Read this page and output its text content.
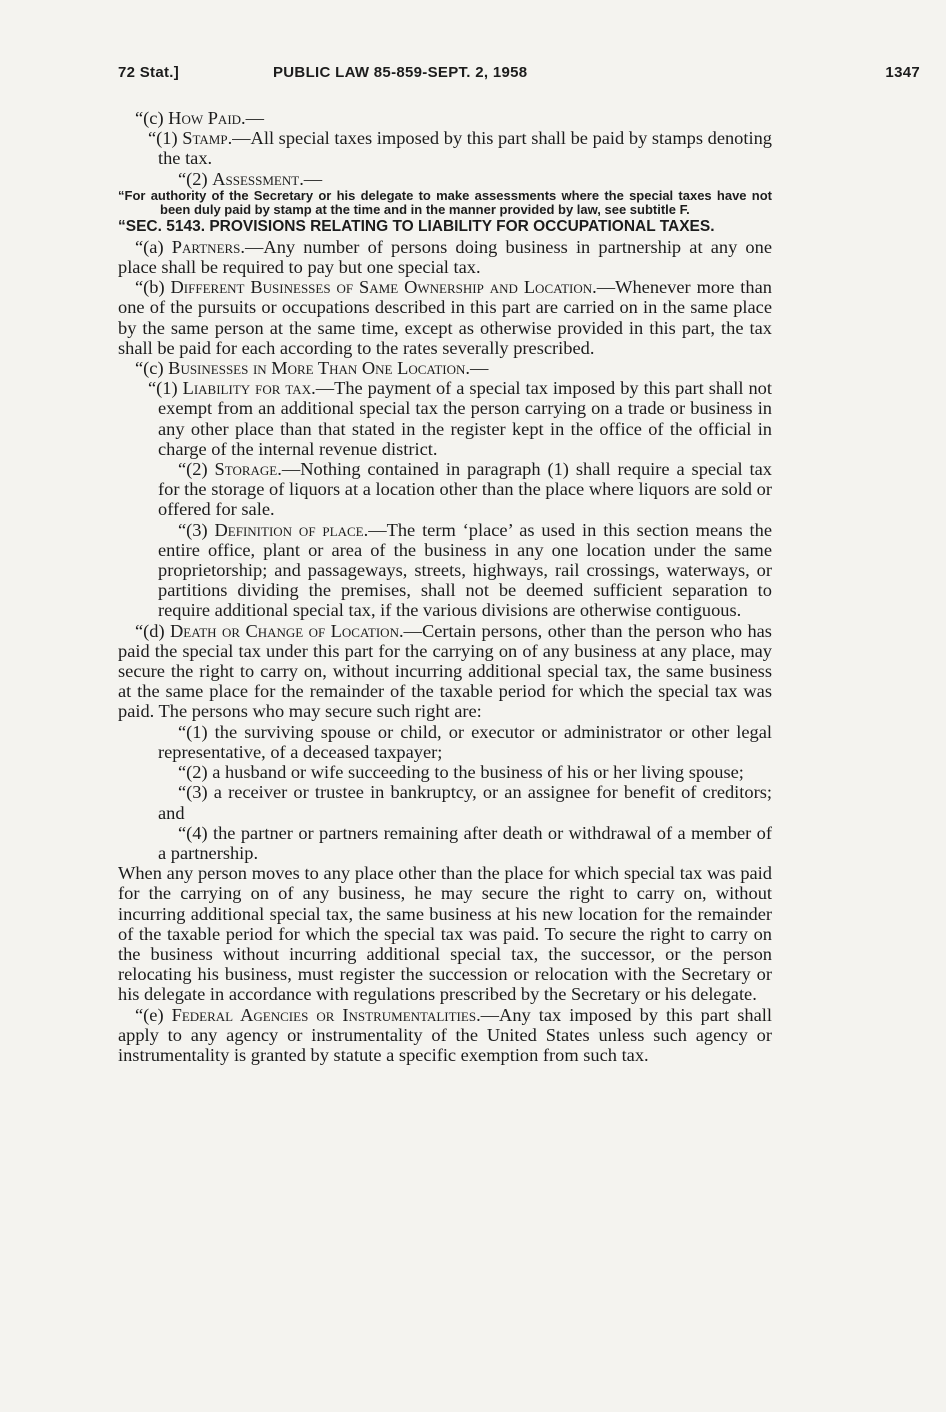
72 Stat.]	PUBLIC LAW 85-859-SEPT. 2, 1958	1347

“(c) How Paid.—

“(1) Stamp.—All special taxes imposed by this part shall be paid by stamps denoting the tax.

“(2) Assessment.—

“For authority of the Secretary or his delegate to make assessments where the special taxes have not been duly paid by stamp at the time and in the manner provided by law, see subtitle F.

“SEC. 5143. PROVISIONS RELATING TO LIABILITY FOR OCCUPATIONAL TAXES.

“(a) Partners.—Any number of persons doing business in partnership at any one place shall be required to pay but one special tax.

“(b) Different Businesses of Same Ownership and Location.—Whenever more than one of the pursuits or occupations described in this part are carried on in the same place by the same person at the same time, except as otherwise provided in this part, the tax shall be paid for each according to the rates severally prescribed.

“(c) Businesses in More Than One Location.—

“(1) Liability for tax.—The payment of a special tax imposed by this part shall not exempt from an additional special tax the person carrying on a trade or business in any other place than that stated in the register kept in the office of the official in charge of the internal revenue district.

“(2) Storage.—Nothing contained in paragraph (1) shall require a special tax for the storage of liquors at a location other than the place where liquors are sold or offered for sale.

“(3) Definition of place.—The term ‘place’ as used in this section means the entire office, plant or area of the business in any one location under the same proprietorship; and passageways, streets, highways, rail crossings, waterways, or partitions dividing the premises, shall not be deemed sufficient separation to require additional special tax, if the various divisions are otherwise contiguous.

“(d) Death or Change of Location.—Certain persons, other than the person who has paid the special tax under this part for the carrying on of any business at any place, may secure the right to carry on, without incurring additional special tax, the same business at the same place for the remainder of the taxable period for which the special tax was paid. The persons who may secure such right are:

“(1) the surviving spouse or child, or executor or administrator or other legal representative, of a deceased taxpayer;

“(2) a husband or wife succeeding to the business of his or her living spouse;

“(3) a receiver or trustee in bankruptcy, or an assignee for benefit of creditors; and

“(4) the partner or partners remaining after death or withdrawal of a member of a partnership.

When any person moves to any place other than the place for which special tax was paid for the carrying on of any business, he may secure the right to carry on, without incurring additional special tax, the same business at his new location for the remainder of the taxable period for which the special tax was paid. To secure the right to carry on the business without incurring additional special tax, the successor, or the person relocating his business, must register the succession or relocation with the Secretary or his delegate in accordance with regulations prescribed by the Secretary or his delegate.

“(e) Federal Agencies or Instrumentalities.—Any tax imposed by this part shall apply to any agency or instrumentality of the United States unless such agency or instrumentality is granted by statute a specific exemption from such tax.
